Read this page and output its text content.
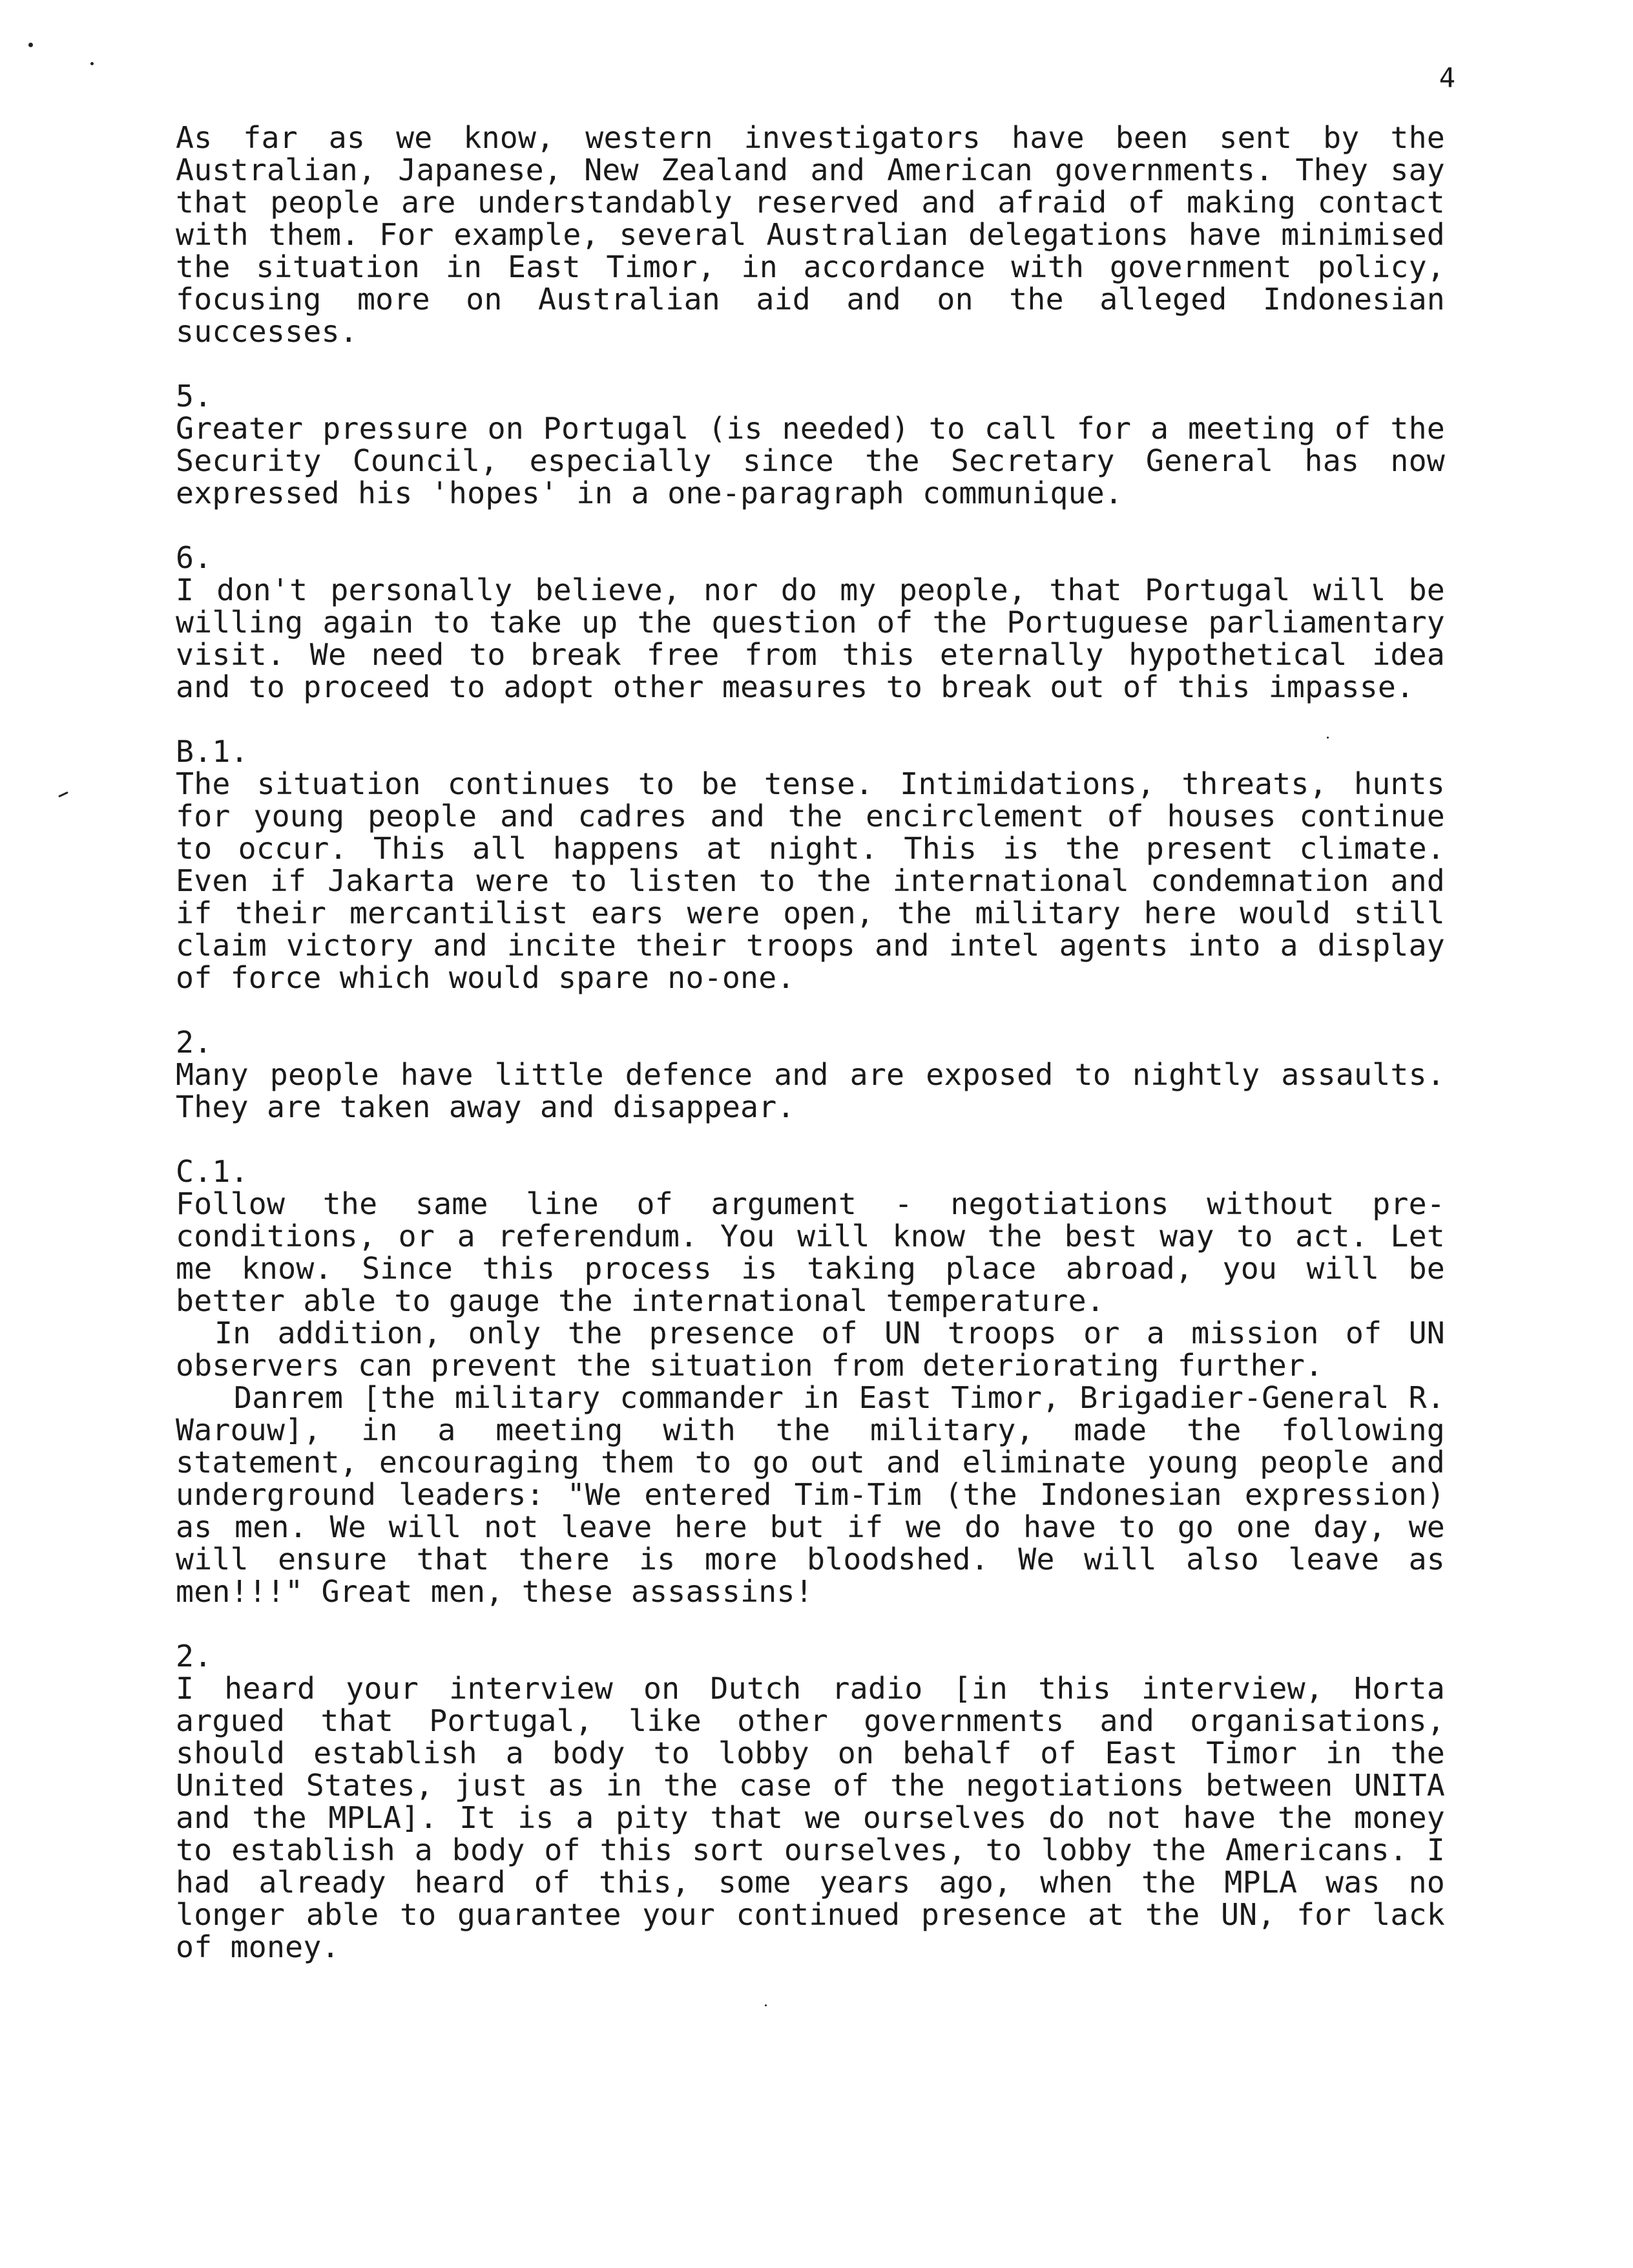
4

As far as we know, western investigators have been sent by the Australian, Japanese, New Zealand and American governments. They say that people are understandably reserved and afraid of making contact with them. For example, several Australian delegations have minimised the situation in East Timor, in accordance with government policy, focusing more on Australian aid and on the alleged Indonesian successes.

5.

Greater pressure on Portugal (is needed) to call for a meeting of the Security Council, especially since the Secretary General has now expressed his 'hopes' in a one-paragraph communique.

6.

I don't personally believe, nor do my people, that Portugal will be willing again to take up the question of the Portuguese parliamentary visit. We need to break free from this eternally hypothetical idea and to proceed to adopt other measures to break out of this impasse.

B.1.

The situation continues to be tense. Intimidations, threats, hunts for young people and cadres and the encirclement of houses continue to occur. This all happens at night. This is the present climate. Even if Jakarta were to listen to the international condemnation and if their mercantilist ears were open, the military here would still claim victory and incite their troops and intel agents into a display of force which would spare no-one.

2.

Many people have little defence and are exposed to nightly assaults. They are taken away and disappear.

C.1.

Follow the same line of argument - negotiations without pre-conditions, or a referendum. You will know the best way to act. Let me know. Since this process is taking place abroad, you will be better able to gauge the international temperature.

In addition, only the presence of UN troops or a mission of UN observers can prevent the situation from deteriorating further.

Danrem [the military commander in East Timor, Brigadier-General R. Warouw], in a meeting with the military, made the following statement, encouraging them to go out and eliminate young people and underground leaders: "We entered Tim-Tim (the Indonesian expression) as men. We will not leave here but if we do have to go one day, we will ensure that there is more bloodshed. We will also leave as men!!!" Great men, these assassins!

2.

I heard your interview on Dutch radio [in this interview, Horta argued that Portugal, like other governments and organisations, should establish a body to lobby on behalf of East Timor in the United States, just as in the case of the negotiations between UNITA and the MPLA]. It is a pity that we ourselves do not have the money to establish a body of this sort ourselves, to lobby the Americans. I had already heard of this, some years ago, when the MPLA was no longer able to guarantee your continued presence at the UN, for lack of money.
